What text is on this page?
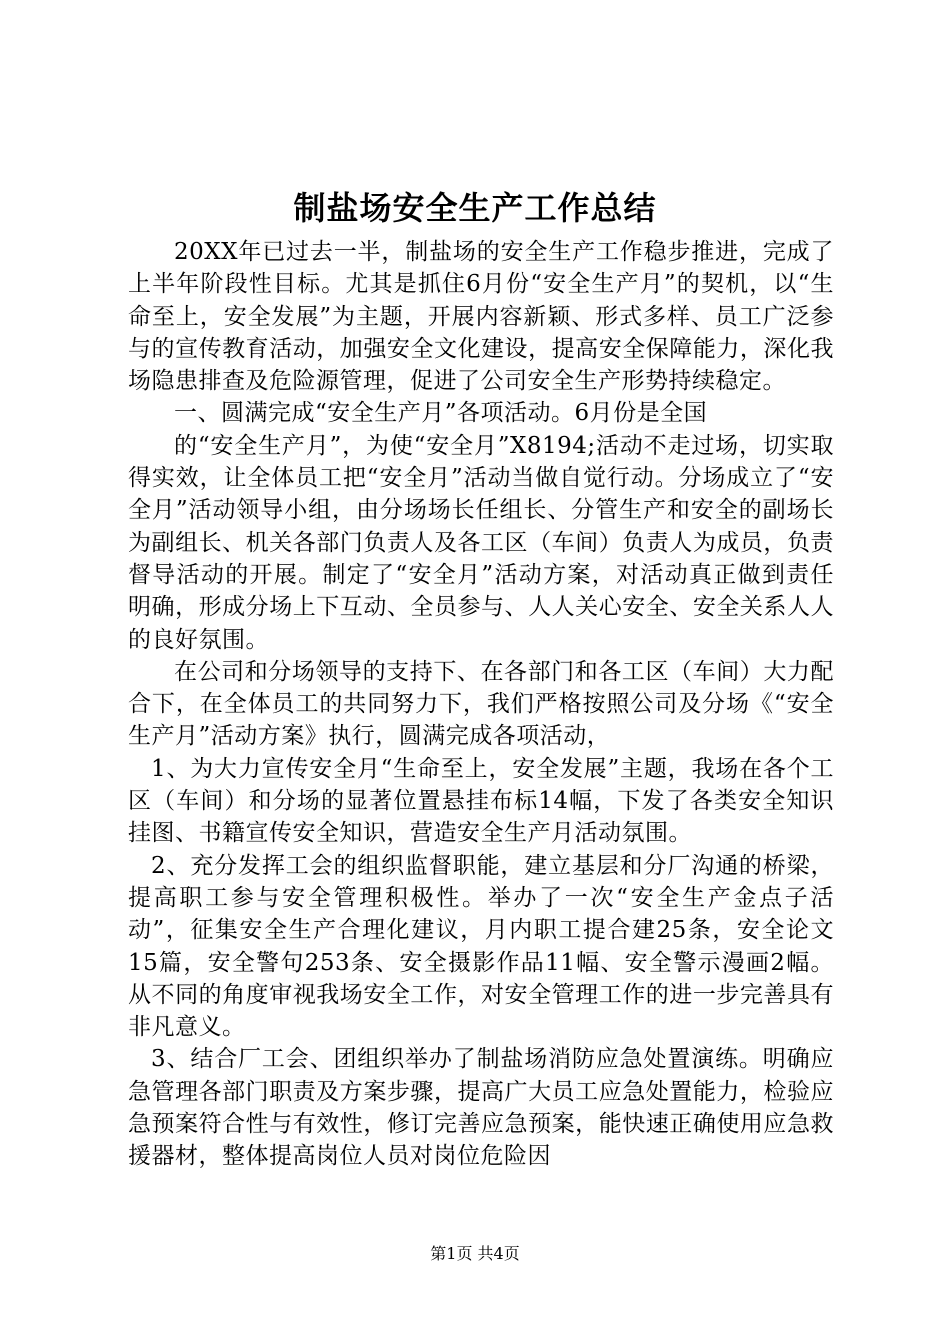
制盐场安全生产工作总结

20XX年已过去一半，制盐场的安全生产工作稳步推进，完成了上半年阶段性目标。尤其是抓住6月份“安全生产月”的契机，以“生命至上，安全发展”为主题，开展内容新颖、形式多样、员工广泛参与的宣传教育活动，加强安全文化建设，提高安全保障能力，深化我场隐患排查及危险源管理，促进了公司安全生产形势持续稳定。

一、圆满完成“安全生产月”各项活动。6月份是全国

的“安全生产月”，为使“安全月”X8194;活动不走过场，切实取得实效，让全体员工把“安全月”活动当做自觉行动。分场成立了“安全月”活动领导小组，由分场场长任组长、分管生产和安全的副场长为副组长、机关各部门负责人及各工区（车间）负责人为成员，负责督导活动的开展。制定了“安全月”活动方案，对活动真正做到责任明确，形成分场上下互动、全员参与、人人关心安全、安全关系人人的良好氛围。

在公司和分场领导的支持下、在各部门和各工区（车间）大力配合下，在全体员工的共同努力下，我们严格按照公司及分场《“安全生产月”活动方案》执行，圆满完成各项活动，

1、为大力宣传安全月“生命至上，安全发展”主题，我场在各个工区（车间）和分场的显著位置悬挂布标14幅，下发了各类安全知识挂图、书籍宣传安全知识，营造安全生产月活动氛围。

2、充分发挥工会的组织监督职能，建立基层和分厂沟通的桥梁，提高职工参与安全管理积极性。举办了一次“安全生产金点子活动”，征集安全生产合理化建议，月内职工提合建25条，安全论文15篇，安全警句253条、安全摄影作品11幅、安全警示漫画2幅。从不同的角度审视我场安全工作，对安全管理工作的进一步完善具有非凡意义。

3、结合厂工会、团组织举办了制盐场消防应急处置演练。明确应急管理各部门职责及方案步骤，提高广大员工应急处置能力，检验应急预案符合性与有效性，修订完善应急预案，能快速正确使用应急救援器材，整体提高岗位人员对岗位危险因

第1页 共4页
